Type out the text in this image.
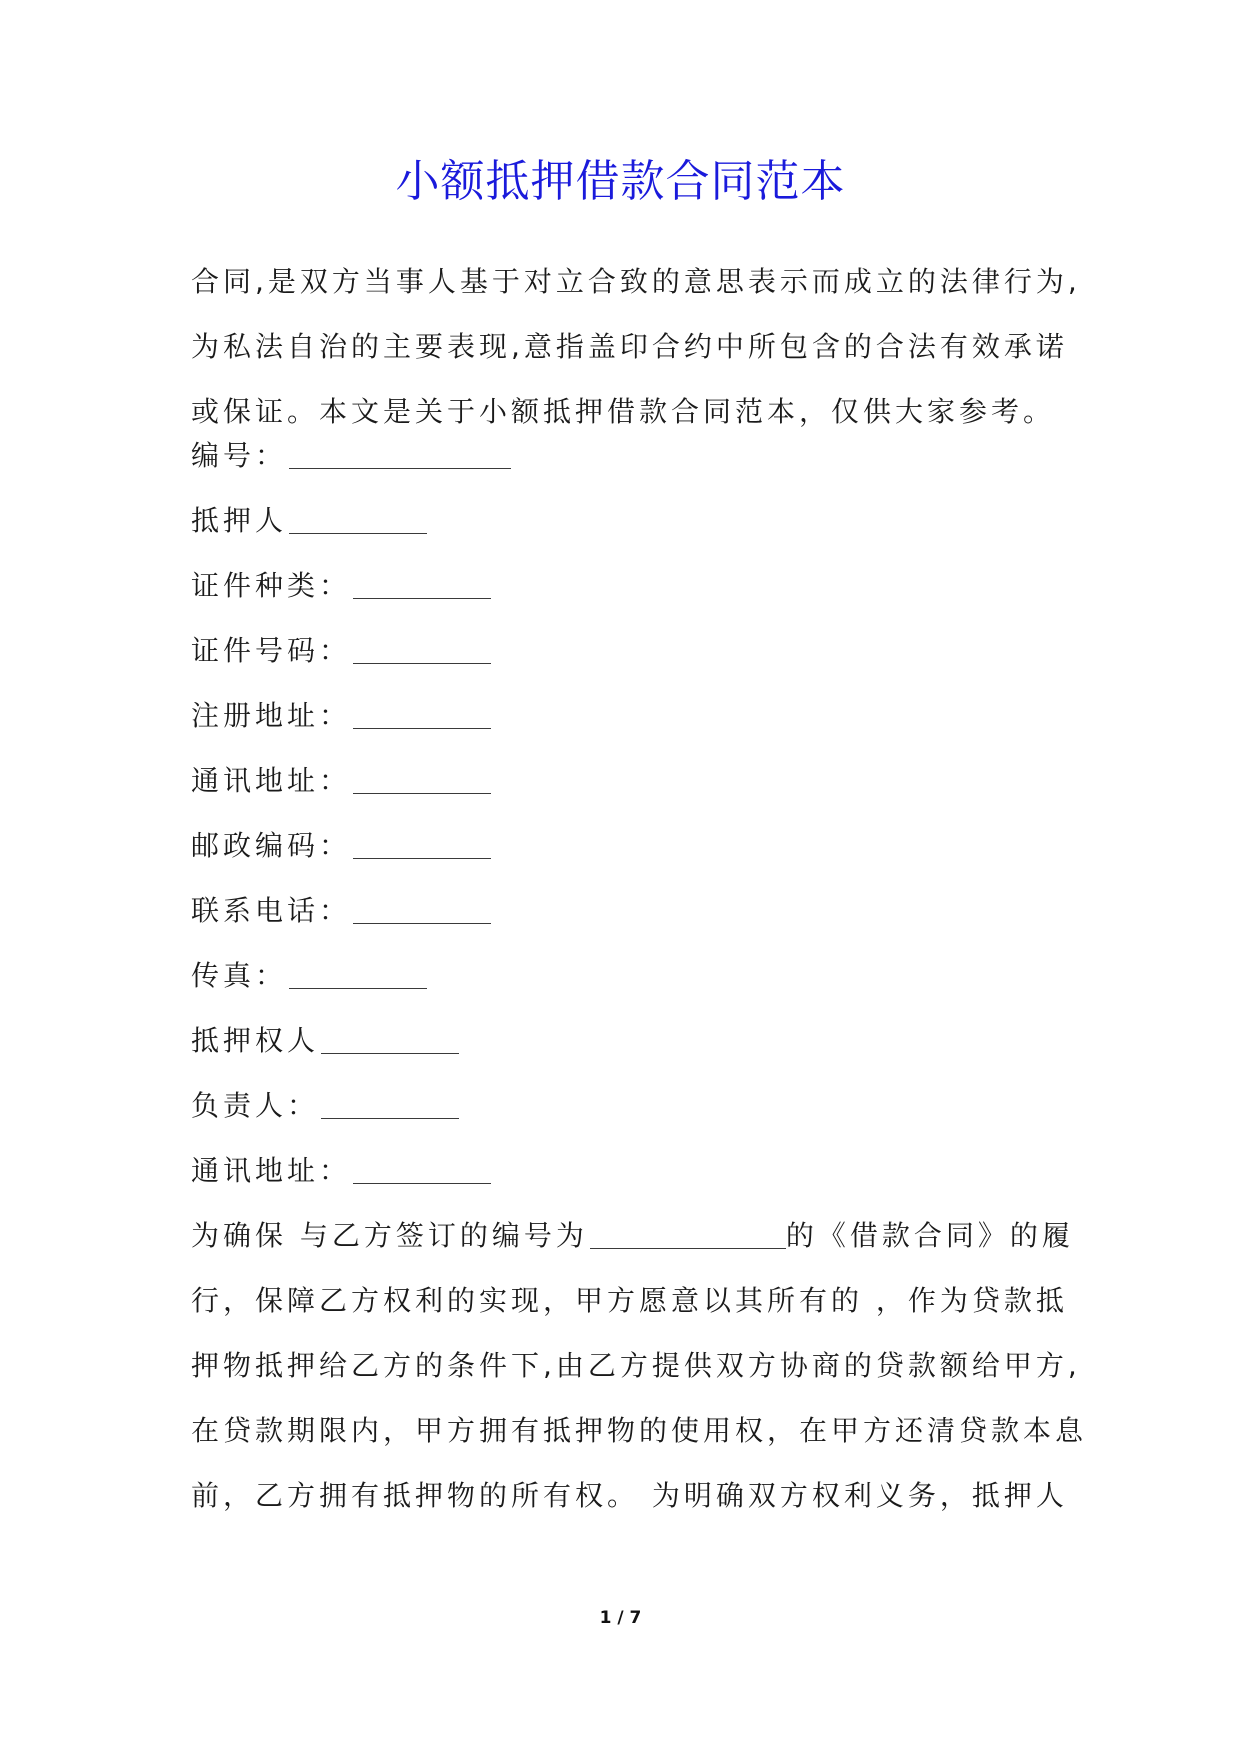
小额抵押借款合同范本
合同,是双方当事人基于对立合致的意思表示而成立的法律行为,
为私法自治的主要表现,意指盖印合约中所包含的合法有效承诺
或保证。本文是关于小额抵押借款合同范本，仅供大家参考。
编号：
抵押人
证件种类：
证件号码：
注册地址：
通讯地址：
邮政编码：
联系电话：
传真：
抵押权人
负责人：
通讯地址：
为确保 与乙方签订的编号为	的《借款合同》的履
行，保障乙方权利的实现，甲方愿意以其所有的 ，作为贷款抵
押物抵押给乙方的条件下,由乙方提供双方协商的贷款额给甲方,
在贷款期限内，甲方拥有抵押物的使用权，在甲方还清贷款本息
前，乙方拥有抵押物的所有权。 为明确双方权利义务，抵押人
1 / 7
